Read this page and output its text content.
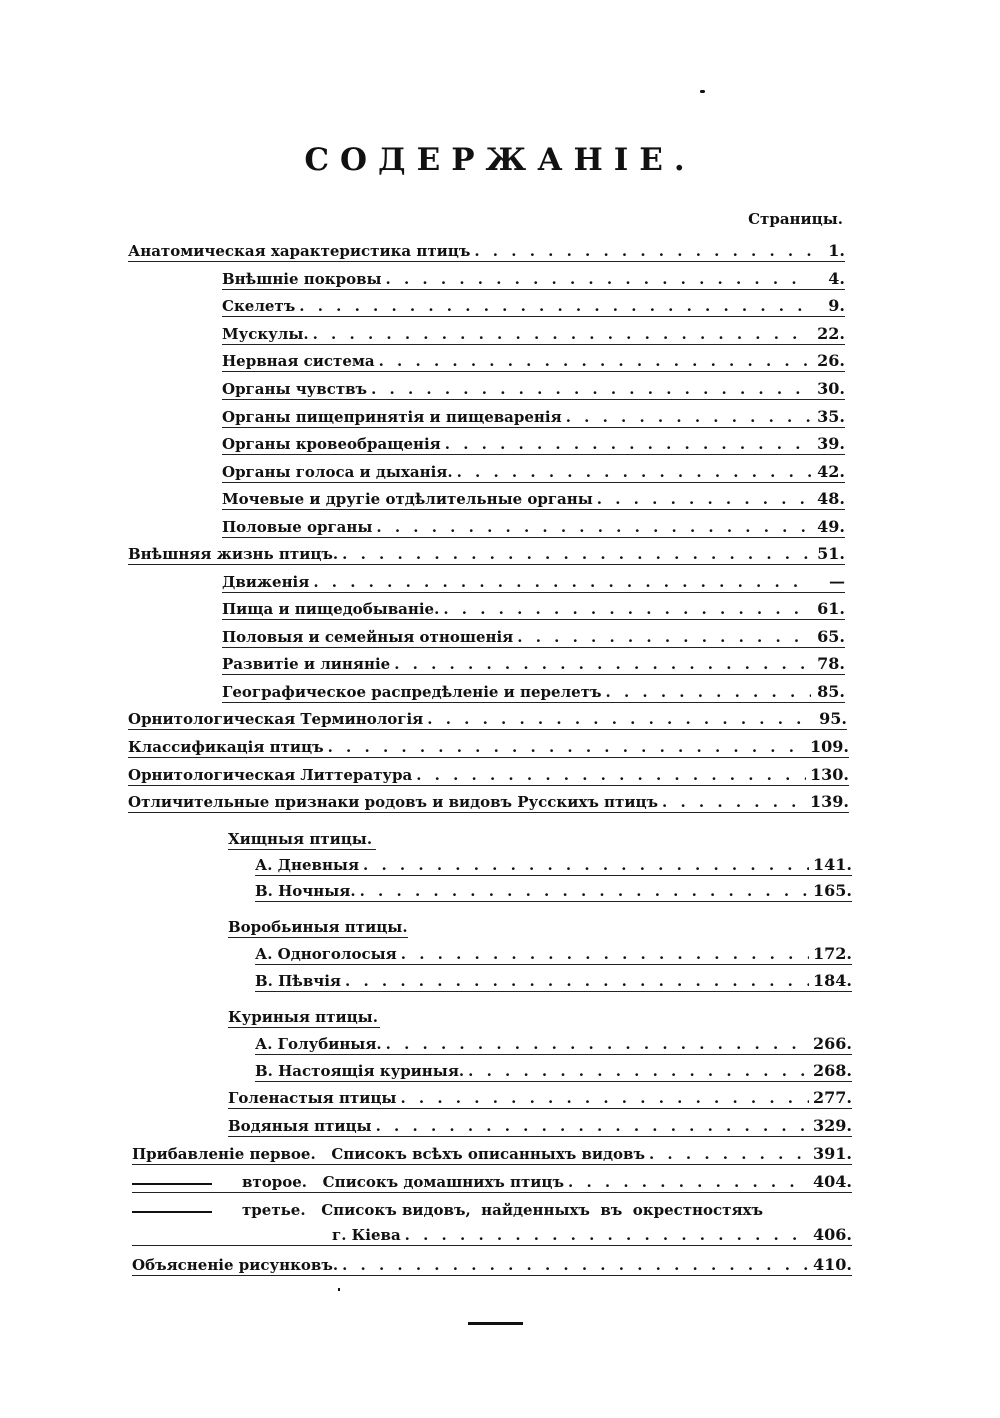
СОДЕРЖАНІЕ.
Страницы.
Анатомическая характеристика птицъ . . .	1.
Внѣшніе покровы . . .	4.
Скелетъ . . .	9.
Мускулы. . . .	22.
Нервная система . . .	26.
Органы чувствъ . . .	30.
Органы пищепринятія и пищеваренія . . .	35.
Органы кровеобращенія . . .	39.
Органы голоса и дыханія. . . .	42.
Мочевые и другіе отдѣлительные органы . . .	48.
Половые органы . . .	49.
Внѣшняя жизнь птицъ. . . .	51.
Движенія . . .	—
Пища и пищедобываніе. . . .	61.
Половыя и семейныя отношенія . . .	65.
Развитіе и линяніе . . .	78.
Географическое распредѣленіе и перелетъ . . .	85.
Орнитологическая Терминологія . . .	95.
Классификація птицъ . . .	109.
Орнитологическая Литтература . . .	130.
Отличительные признаки родовъ и видовъ Русскихъ птицъ . . .	139.
Хищныя птицы.
А. Дневныя . . .	141.
В. Ночныя. . . .	165.
Воробьиныя птицы.
А. Одноголосыя . . .	172.
В. Пѣвчія . . .	184.
Куриныя птицы.
А. Голубиныя. . . .	266.
В. Настоящія куриныя. . . .	268.
Голенастыя птицы . . .	277.
Водяныя птицы . . .	329.
Прибавленіе первое.   Списокъ всѣхъ описанныхъ видовъ . . .	391.
второе.   Списокъ домашнихъ птицъ . . .	404.
третье.   Списокъ видовъ,  найденныхъ  въ  окрестностяхъ
г. Кіева . . .	406.
Объясненіе рисунковъ. . . .	410.
